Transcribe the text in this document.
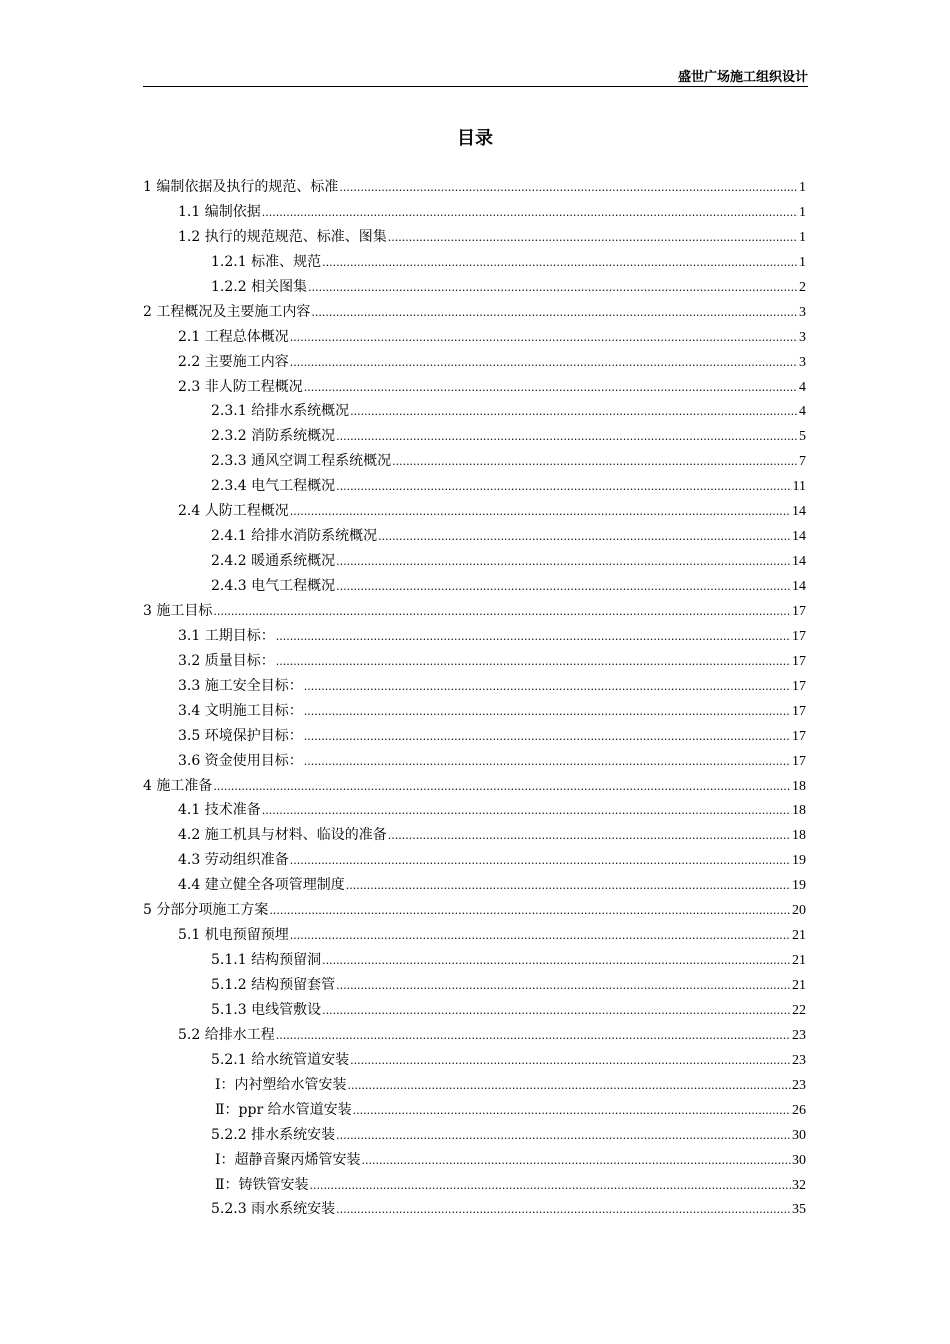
盛世广场施工组织设计
目录
1 编制依据及执行的规范、标准 .....	1
1.1 编制依据 .....	1
1.2 执行的规范规范、标准、图集 .....	1
1.2.1 标准、规范 .....	1
1.2.2 相关图集 .....	2
2 工程概况及主要施工内容 .....	3
2.1 工程总体概况 .....	3
2.2 主要施工内容 .....	3
2.3 非人防工程概况 .....	4
2.3.1 给排水系统概况 .....	4
2.3.2 消防系统概况 .....	5
2.3.3 通风空调工程系统概况 .....	7
2.3.4 电气工程概况 .....	11
2.4 人防工程概况 .....	14
2.4.1 给排水消防系统概况 .....	14
2.4.2 暖通系统概况 .....	14
2.4.3 电气工程概况 .....	14
3 施工目标 .....	17
3.1 工期目标： .....	17
3.2 质量目标： .....	17
3.3 施工安全目标： .....	17
3.4 文明施工目标： .....	17
3.5 环境保护目标： .....	17
3.6 资金使用目标： .....	17
4 施工准备 .....	18
4.1 技术准备 .....	18
4.2 施工机具与材料、临设的准备 .....	18
4.3 劳动组织准备 .....	19
4.4 建立健全各项管理制度 .....	19
5 分部分项施工方案 .....	20
5.1 机电预留预埋 .....	21
5.1.1 结构预留洞 .....	21
5.1.2 结构预留套管 .....	21
5.1.3 电线管敷设 .....	22
5.2 给排水工程 .....	23
5.2.1 给水统管道安装 .....	23
Ⅰ：内衬塑给水管安装 .....	23
Ⅱ：ppr 给水管道安装 .....	26
5.2.2 排水系统安装 .....	30
Ⅰ：超静音聚丙烯管安装 .....	30
Ⅱ：铸铁管安装 .....	32
5.2.3 雨水系统安装 .....	35
